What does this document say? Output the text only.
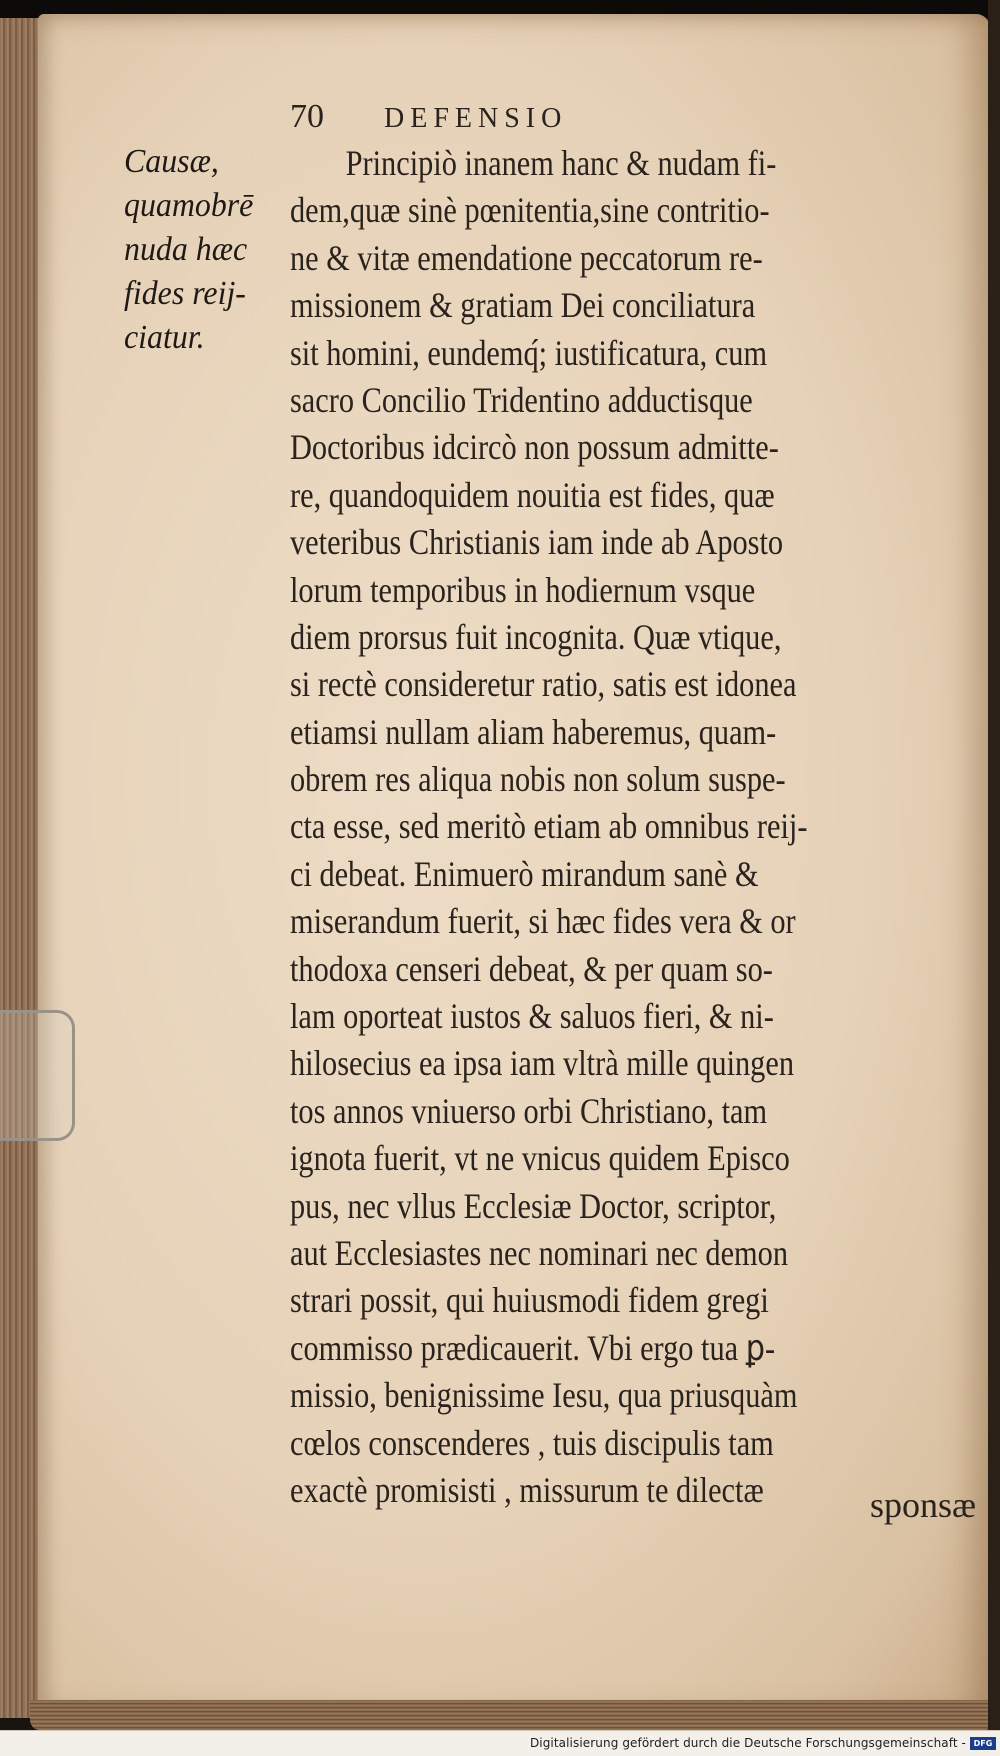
70 DEFENSIO
Causæ,
quamobrē
nuda hæc
fides reij-
ciatur.
Principiò inanem hanc & nudam fi-
dem,quæ sinè pœnitentia,sine contritio-
ne & vitæ emendatione peccatorum re-
missionem & gratiam Dei conciliatura
sit homini, eundemq́; iustificatura, cum
sacro Concilio Tridentino adductisque
Doctoribus idcircò non possum admitte-
re, quandoquidem nouitia est fides, quæ
veteribus Christianis iam inde ab Aposto
lorum temporibus in hodiernum vsque
diem prorsus fuit incognita. Quæ vtique,
si rectè consideretur ratio, satis est idonea
etiamsi nullam aliam haberemus, quam-
obrem res aliqua nobis non solum suspe-
cta esse, sed meritò etiam ab omnibus reij-
ci debeat. Enimuerò mirandum sanè &
miserandum fuerit, si hæc fides vera & or
thodoxa censeri debeat, & per quam so-
lam oporteat iustos & saluos fieri, & ni-
hilosecius ea ipsa iam vltrà mille quingen
tos annos vniuerso orbi Christiano, tam
ignota fuerit, vt ne vnicus quidem Episco
pus, nec vllus Ecclesiæ Doctor, scriptor,
aut Ecclesiastes nec nominari nec demon
strari possit, qui huiusmodi fidem gregi
commisso prædicauerit. Vbi ergo tua ꝑ-
missio, benignissime Iesu, qua priusquàm
cœlos conscenderes , tuis discipulis tam
exactè promisisti , missurum te dilectæ	sponsæ
Digitalisierung gefördert durch die Deutsche Forschungsgemeinschaft - DFG
